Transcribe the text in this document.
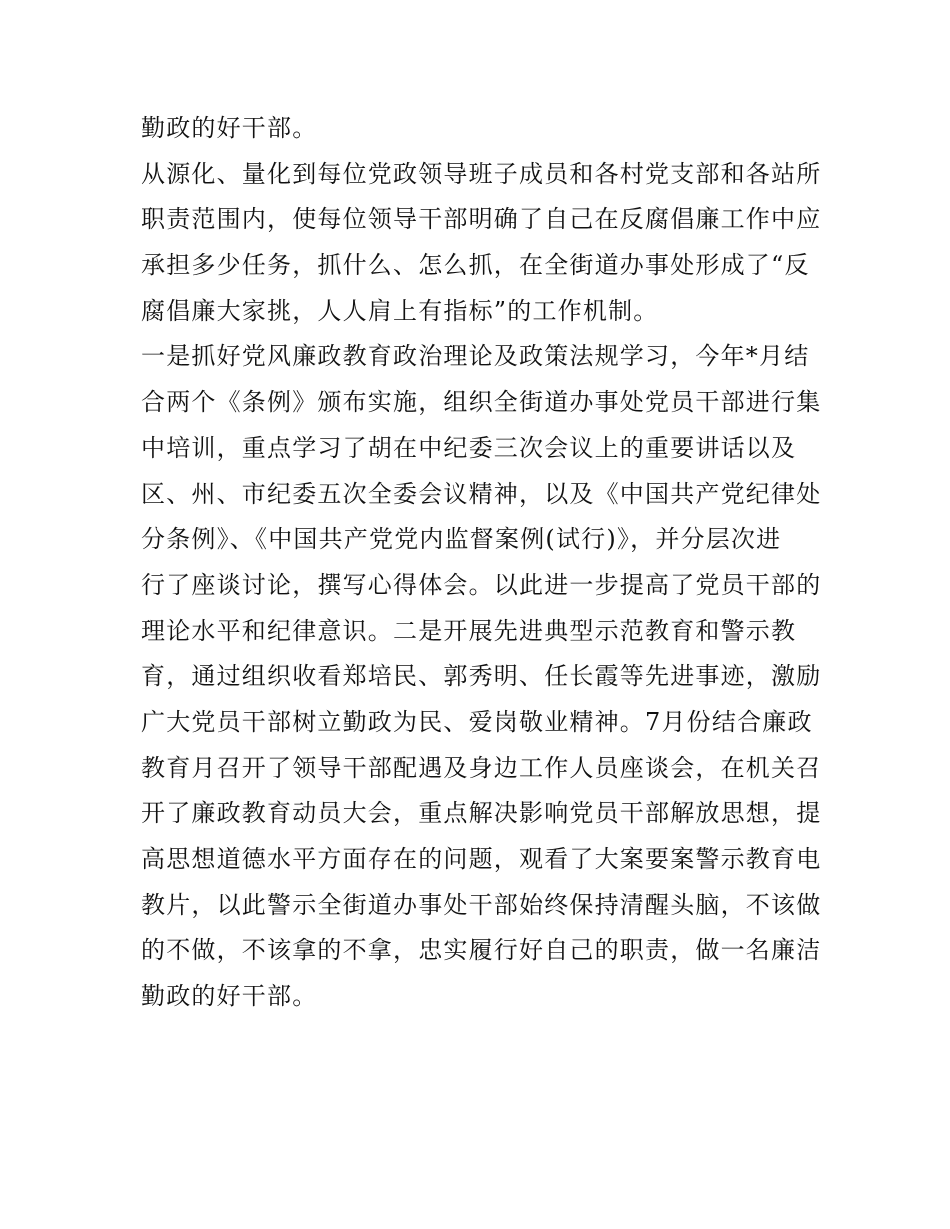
勤政的好干部。
从源化、量化到每位党政领导班子成员和各村党支部和各站所
职责范围内，使每位领导干部明确了自己在反腐倡廉工作中应
承担多少任务，抓什么、怎么抓，在全街道办事处形成了“反
腐倡廉大家挑，人人肩上有指标”的工作机制。
一是抓好党风廉政教育政治理论及政策法规学习，今年*月结
合两个《条例》颁布实施，组织全街道办事处党员干部进行集
中培训，重点学习了胡在中纪委三次会议上的重要讲话以及
区、州、市纪委五次全委会议精神，以及《中国共产党纪律处
分条例》、《中国共产党党内监督案例(试行)》，并分层次进
行了座谈讨论，撰写心得体会。以此进一步提高了党员干部的
理论水平和纪律意识。二是开展先进典型示范教育和警示教
育，通过组织收看郑培民、郭秀明、任长霞等先进事迹，激励
广大党员干部树立勤政为民、爱岗敬业精神。7月份结合廉政
教育月召开了领导干部配遇及身边工作人员座谈会，在机关召
开了廉政教育动员大会，重点解决影响党员干部解放思想，提
高思想道德水平方面存在的问题，观看了大案要案警示教育电
教片，以此警示全街道办事处干部始终保持清醒头脑，不该做
的不做，不该拿的不拿，忠实履行好自己的职责，做一名廉洁
勤政的好干部。
